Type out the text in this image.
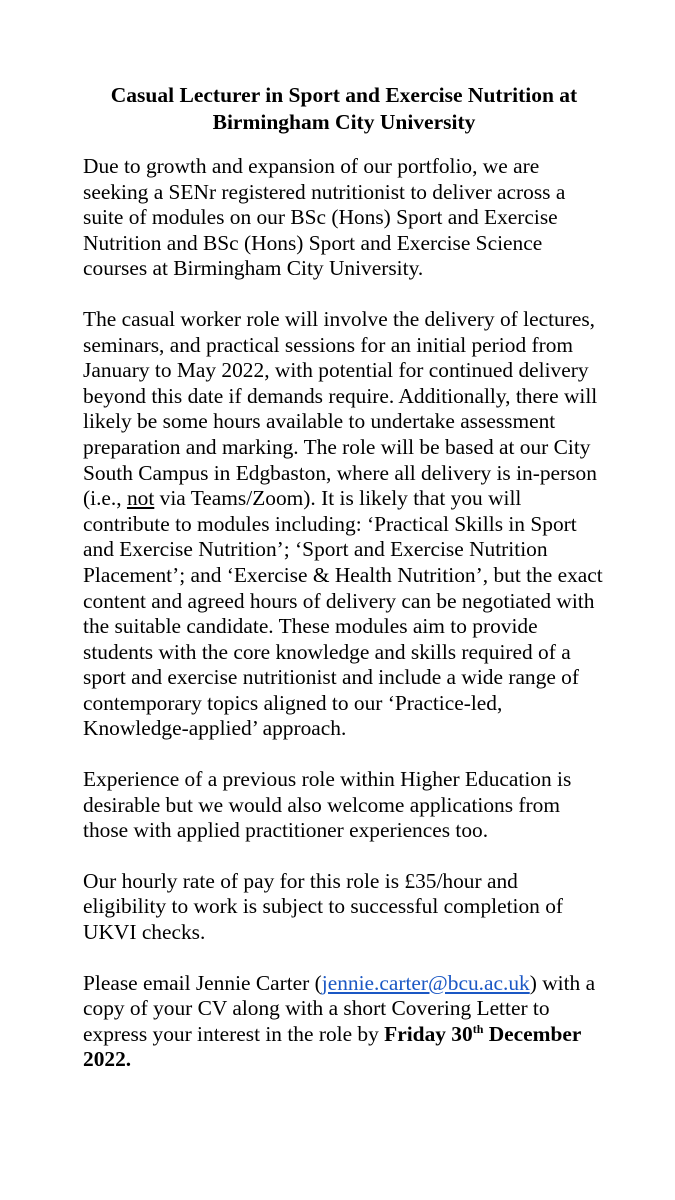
Casual Lecturer in Sport and Exercise Nutrition at
Birmingham City University

Due to growth and expansion of our portfolio, we are seeking a SENr registered nutritionist to deliver across a suite of modules on our BSc (Hons) Sport and Exercise Nutrition and BSc (Hons) Sport and Exercise Science courses at Birmingham City University.

The casual worker role will involve the delivery of lectures, seminars, and practical sessions for an initial period from January to May 2022, with potential for continued delivery beyond this date if demands require. Additionally, there will likely be some hours available to undertake assessment preparation and marking. The role will be based at our City South Campus in Edgbaston, where all delivery is in-person (i.e., not via Teams/Zoom). It is likely that you will contribute to modules including: ‘Practical Skills in Sport and Exercise Nutrition’; ‘Sport and Exercise Nutrition Placement’; and ‘Exercise & Health Nutrition’, but the exact content and agreed hours of delivery can be negotiated with the suitable candidate. These modules aim to provide students with the core knowledge and skills required of a sport and exercise nutritionist and include a wide range of contemporary topics aligned to our ‘Practice-led, Knowledge-applied’ approach.

Experience of a previous role within Higher Education is desirable but we would also welcome applications from those with applied practitioner experiences too.

Our hourly rate of pay for this role is £35/hour and eligibility to work is subject to successful completion of UKVI checks.

Please email Jennie Carter (jennie.carter@bcu.ac.uk) with a copy of your CV along with a short Covering Letter to express your interest in the role by Friday 30th December 2022.
